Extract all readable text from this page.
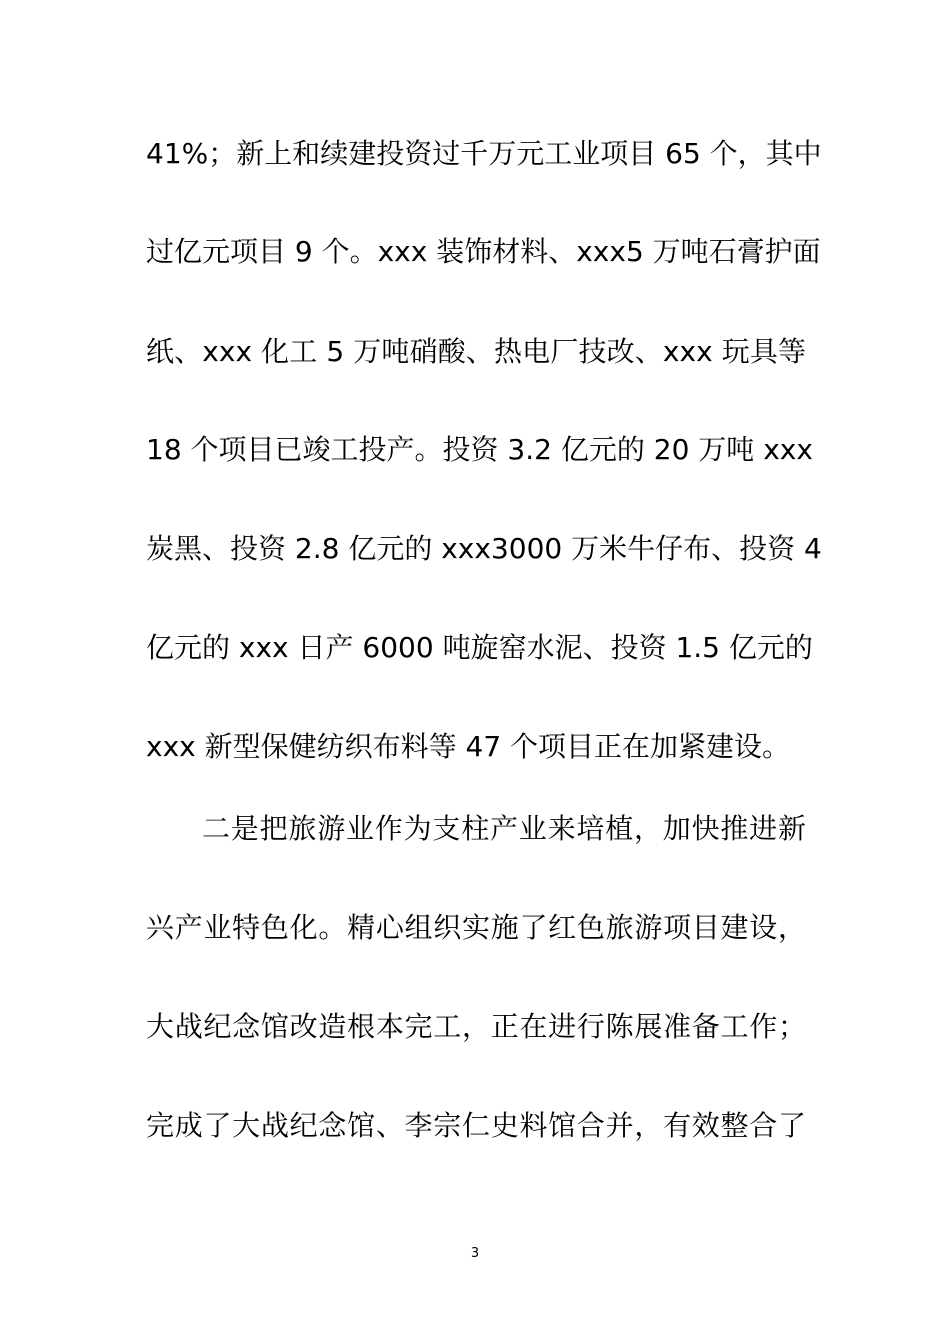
41%；新上和续建投资过千万元工业项目 65 个，其中
过亿元项目 9 个。xxx 装饰材料、xxx5 万吨石膏护面
纸、xxx 化工 5 万吨硝酸、热电厂技改、xxx 玩具等
18 个项目已竣工投产。投资 3.2 亿元的 20 万吨 xxx
炭黑、投资 2.8 亿元的 xxx3000 万米牛仔布、投资 4
亿元的 xxx 日产 6000 吨旋窑水泥、投资 1.5 亿元的
xxx 新型保健纺织布料等 47 个项目正在加紧建设。
二是把旅游业作为支柱产业来培植，加快推进新
兴产业特色化。精心组织实施了红色旅游项目建设，
大战纪念馆改造根本完工，正在进行陈展准备工作；
完成了大战纪念馆、李宗仁史料馆合并，有效整合了
3
